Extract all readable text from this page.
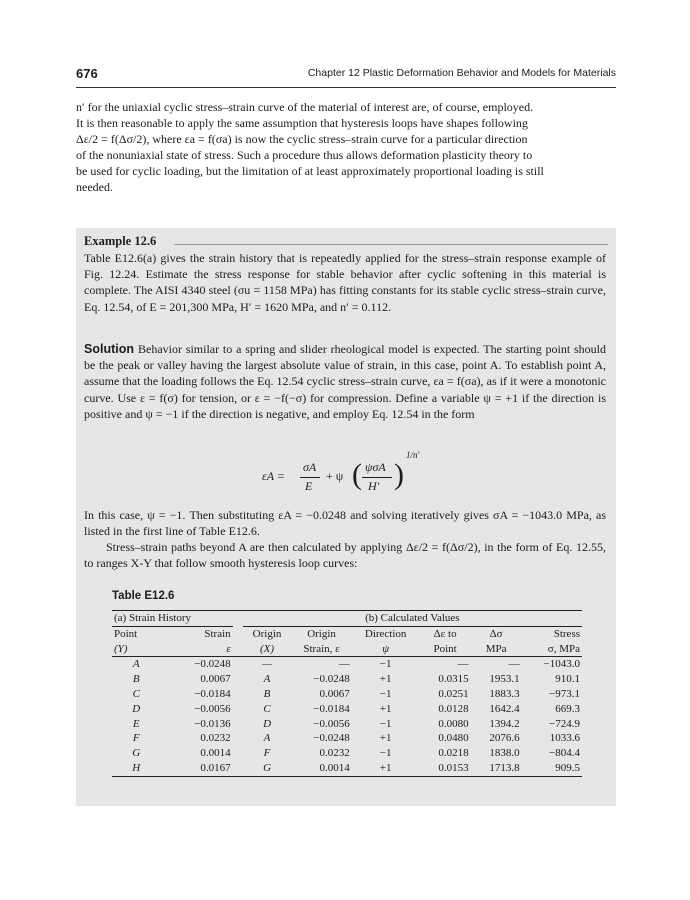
676	Chapter 12 Plastic Deformation Behavior and Models for Materials

n′ for the uniaxial cyclic stress–strain curve of the material of interest are, of course, employed.

It is then reasonable to apply the same assumption that hysteresis loops have shapes following

Δε/2 = f(Δσ/2), where εa = f(σa) is now the cyclic stress–strain curve for a particular direction

of the nonuniaxial state of stress. Such a procedure thus allows deformation plasticity theory to

be used for cyclic loading, but the limitation of at least approximately proportional loading is still

needed.

Example 12.6

Table E12.6(a) gives the strain history that is repeatedly applied for the stress–strain response example of Fig. 12.24. Estimate the stress response for stable behavior after cyclic softening in this material is complete. The AISI 4340 steel (σu = 1158 MPa) has fitting constants for its stable cyclic stress–strain curve, Eq. 12.54, of E = 201,300 MPa, H′ = 1620 MPa, and n′ = 0.112.

Solution Behavior similar to a spring and slider rheological model is expected. The starting point should be the peak or valley having the largest absolute value of strain, in this case, point A. To establish point A, assume that the loading follows the Eq. 12.54 cyclic stress–strain curve, εa = f(σa), as if it were a monotonic curve. Use ε = f(σ) for tension, or ε = −f(−σ) for compression. Define a variable ψ = +1 if the direction is positive and ψ = −1 if the direction is negative, and employ Eq. 12.54 in the form

εA =
σA
E
+ ψ ( ψσA
H′ )
1/n′

In this case, ψ = −1. Then substituting εA = −0.0248 and solving iteratively gives σA = −1043.0 MPa, as listed in the first line of Table E12.6.

Stress–strain paths beyond A are then calculated by applying Δε/2 = f(Δσ/2), in the form of Eq. 12.55, to ranges X-Y that follow smooth hysteresis loop curves:

Table E12.6
(a) Strain History			(b) Calculated Values					
Point	Strain		Origin	Origin	Direction	Δε to	Δσ	Stress
(Y)	ε		(X)	Strain, ε	ψ	Point	MPa	σ, MPa
A	−0.0248		—	—	−1	—	—	−1043.0
B	0.0067		A	−0.0248	+1	0.0315	1953.1	910.1
C	−0.0184		B	0.0067	−1	0.0251	1883.3	−973.1
D	−0.0056		C	−0.0184	+1	0.0128	1642.4	669.3
E	−0.0136		D	−0.0056	−1	0.0080	1394.2	−724.9
F	0.0232		A	−0.0248	+1	0.0480	2076.6	1033.6
G	0.0014		F	0.0232	−1	0.0218	1838.0	−804.4
H	0.0167		G	0.0014	+1	0.0153	1713.8	909.5
